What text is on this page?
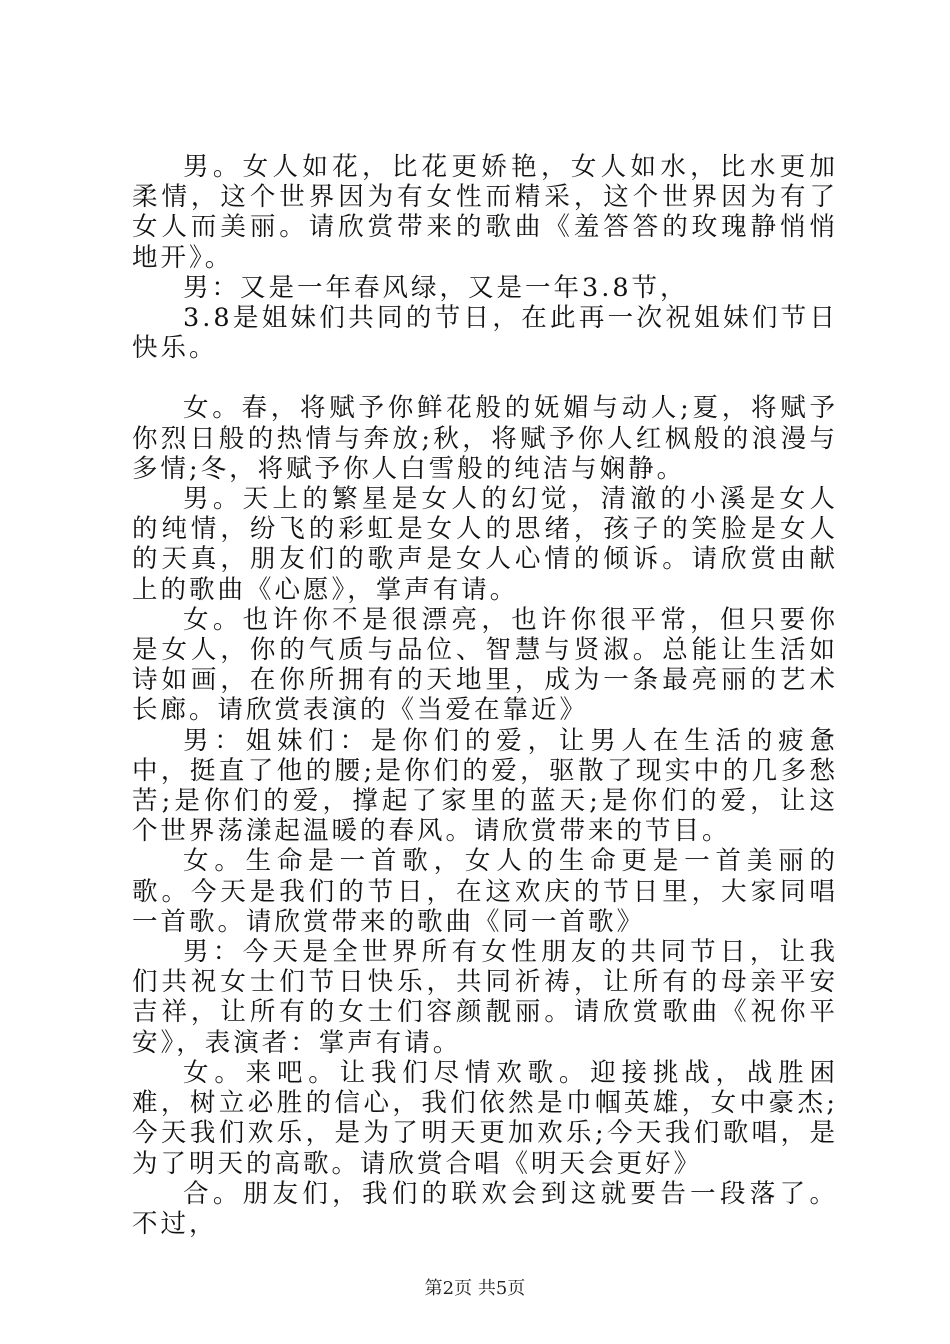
男。女人如花，比花更娇艳，女人如水，比水更加柔情，这个世界因为有女性而精采，这个世界因为有了女人而美丽。请欣赏带来的歌曲《羞答答的玫瑰静悄悄地开》。

男：又是一年春风绿，又是一年3.8节，

3.8是姐妹们共同的节日，在此再一次祝姐妹们节日快乐。

女。春，将赋予你鲜花般的妩媚与动人;夏，将赋予你烈日般的热情与奔放;秋，将赋予你人红枫般的浪漫与多情;冬，将赋予你人白雪般的纯洁与娴静。

男。天上的繁星是女人的幻觉，清澈的小溪是女人的纯情，纷飞的彩虹是女人的思绪，孩子的笑脸是女人的天真，朋友们的歌声是女人心情的倾诉。请欣赏由献上的歌曲《心愿》，掌声有请。

女。也许你不是很漂亮，也许你很平常，但只要你是女人，你的气质与品位、智慧与贤淑。总能让生活如诗如画，在你所拥有的天地里，成为一条最亮丽的艺术长廊。请欣赏表演的《当爱在靠近》

男：姐妹们：是你们的爱，让男人在生活的疲惫中，挺直了他的腰;是你们的爱，驱散了现实中的几多愁苦;是你们的爱，撑起了家里的蓝天;是你们的爱，让这个世界荡漾起温暖的春风。请欣赏带来的节目。

女。生命是一首歌，女人的生命更是一首美丽的歌。今天是我们的节日，在这欢庆的节日里，大家同唱一首歌。请欣赏带来的歌曲《同一首歌》

男：今天是全世界所有女性朋友的共同节日，让我们共祝女士们节日快乐，共同祈祷，让所有的母亲平安吉祥，让所有的女士们容颜靓丽。请欣赏歌曲《祝你平安》，表演者：掌声有请。

女。来吧。让我们尽情欢歌。迎接挑战，战胜困难，树立必胜的信心，我们依然是巾帼英雄，女中豪杰;今天我们欢乐，是为了明天更加欢乐;今天我们歌唱，是为了明天的高歌。请欣赏合唱《明天会更好》

合。朋友们，我们的联欢会到这就要告一段落了。不过，

第2页 共5页
